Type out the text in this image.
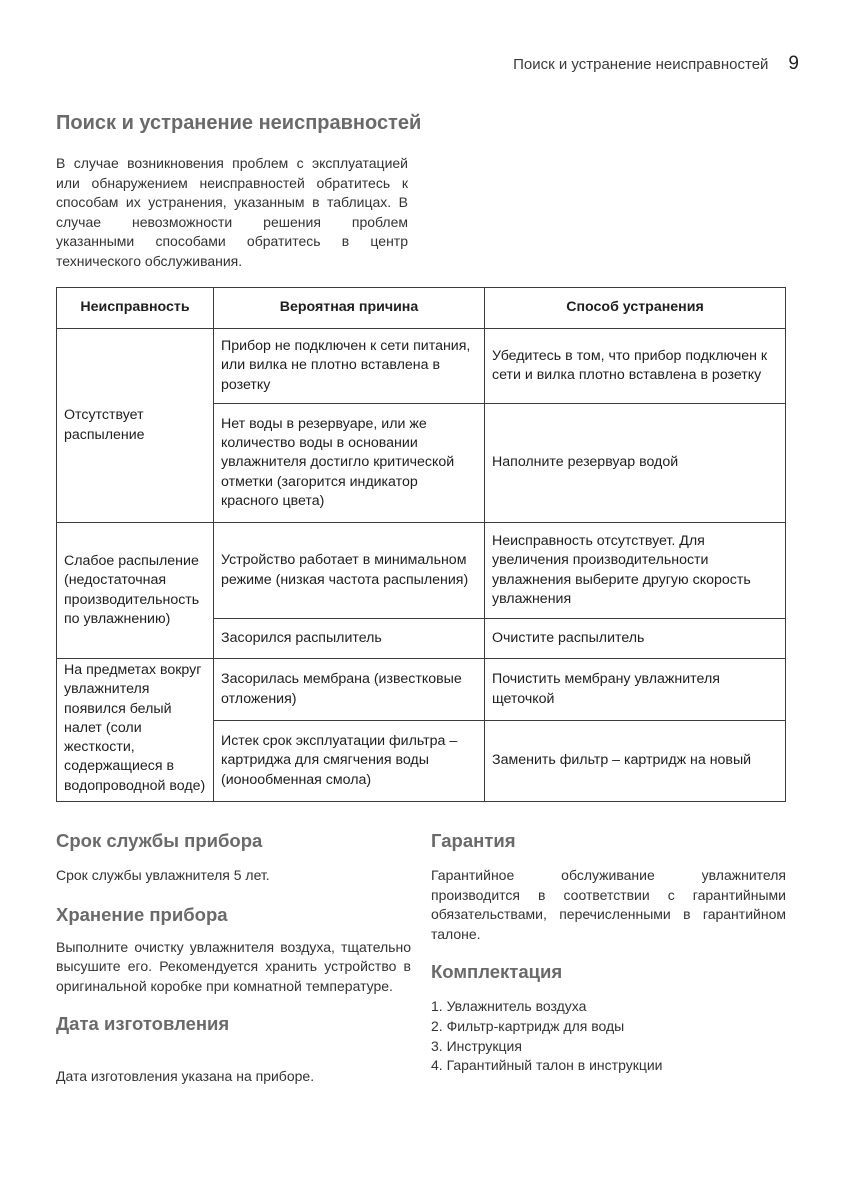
Поиск и устранение неисправностей 9
Поиск и устранение неисправностей

В случае возникновения проблем с эксплуатацией или обнаружением неисправностей обратитесь к способам их устранения, указанным в таблицах. В случае невозможности решения проблем указанными способами обратитесь в центр технического обслуживания.

Неисправность	Вероятная причина	Способ устранения
Отсутствует распыление	Прибор не подключен к сети питания, или вилка не плотно вставлена в розетку	Убедитесь в том, что прибор подключен к сети и вилка плотно вставлена в розетку
	Нет воды в резервуаре, или же количество воды в основании увлажнителя достигло критической отметки (загорится индикатор красного цвета)	Наполните резервуар водой
Слабое распыление (недостаточная производительность по увлажнению)	Устройство работает в минимальном режиме (низкая частота распыления)	Неисправность отсутствует. Для увеличения производительности увлажнения выберите другую скорость увлажнения
	Засорился распылитель	Очистите распылитель
На предметах вокруг увлажнителя появился белый налет (соли жесткости, содержащиеся в водопроводной воде)	Засорилась мембрана (известковые отложения)	Почистить мембрану увлажнителя щеточкой
	Истек срок эксплуатации фильтра – картриджа для смягчения воды (ионообменная смола)	Заменить фильтр – картридж на новый
Срок службы прибора

Срок службы увлажнителя 5 лет.

Хранение прибора

Выполните очистку увлажнителя воздуха, тщательно высушите его. Рекомендуется хранить устройство в оригинальной коробке при комнатной температуре.

Дата изготовления

Дата изготовления указана на приборе.

Гарантия

Гарантийное обслуживание увлажнителя производится в соответствии с гарантийными обязательствами, перечисленными в гарантийном талоне.

Комплектация
1. Увлажнитель воздуха
2. Фильтр-картридж для воды
3. Инструкция
4. Гарантийный талон в инструкции
